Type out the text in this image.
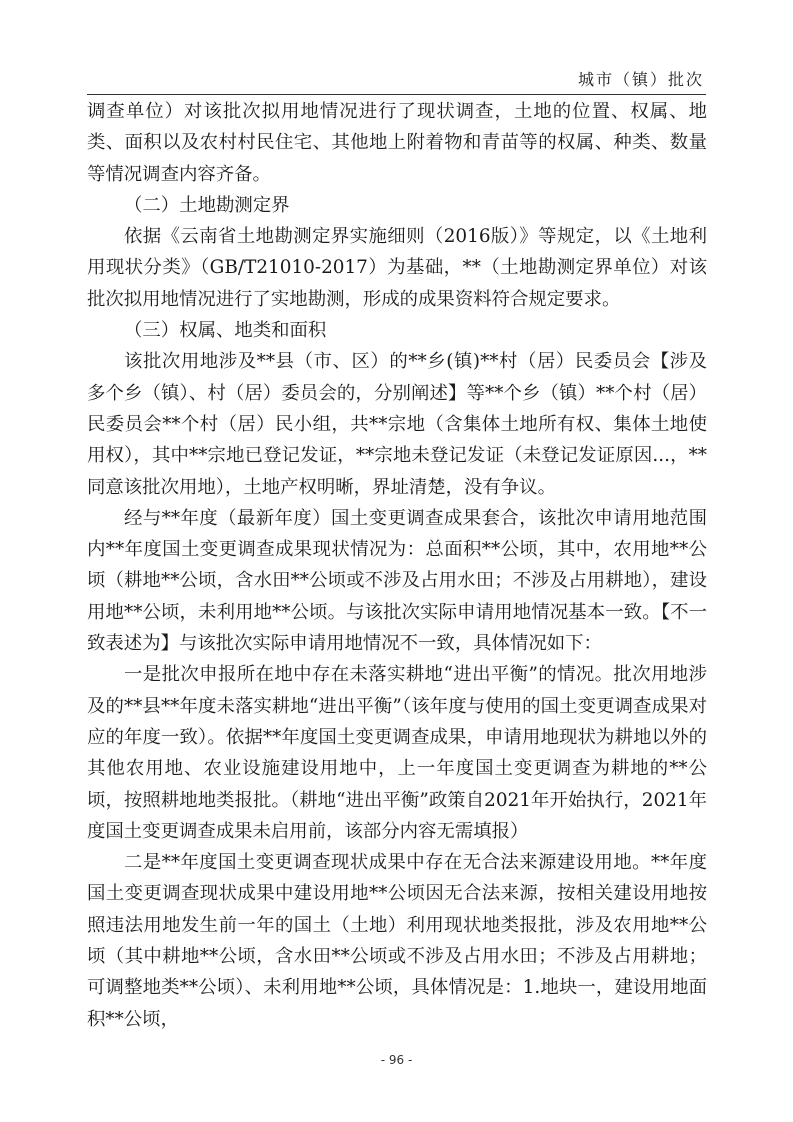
城市（镇）批次

调查单位）对该批次拟用地情况进行了现状调查，土地的位置、权属、地类、面积以及农村村民住宅、其他地上附着物和青苗等的权属、种类、数量等情况调查内容齐备。

（二）土地勘测定界

依据《云南省土地勘测定界实施细则（2016版）》等规定，以《土地利用现状分类》（GB/T21010-2017）为基础，**（土地勘测定界单位）对该批次拟用地情况进行了实地勘测，形成的成果资料符合规定要求。

（三）权属、地类和面积

该批次用地涉及**县（市、区）的**乡(镇)**村（居）民委员会【涉及多个乡（镇）、村（居）委员会的，分别阐述】等**个乡（镇）**个村（居）民委员会**个村（居）民小组，共**宗地（含集体土地所有权、集体土地使用权），其中**宗地已登记发证，**宗地未登记发证（未登记发证原因...，**同意该批次用地），土地产权明晰，界址清楚，没有争议。

经与**年度（最新年度）国土变更调查成果套合，该批次申请用地范围内**年度国土变更调查成果现状情况为：总面积**公顷，其中，农用地**公顷（耕地**公顷，含水田**公顷或不涉及占用水田；不涉及占用耕地），建设用地**公顷，未利用地**公顷。与该批次实际申请用地情况基本一致。【不一致表述为】与该批次实际申请用地情况不一致，具体情况如下：

一是批次申报所在地中存在未落实耕地“进出平衡”的情况。批次用地涉及的**县**年度未落实耕地“进出平衡”（该年度与使用的国土变更调查成果对应的年度一致）。依据**年度国土变更调查成果，申请用地现状为耕地以外的其他农用地、农业设施建设用地中，上一年度国土变更调查为耕地的**公顷，按照耕地地类报批。（耕地“进出平衡”政策自2021年开始执行，2021年度国土变更调查成果未启用前，该部分内容无需填报）

二是**年度国土变更调查现状成果中存在无合法来源建设用地。**年度国土变更调查现状成果中建设用地**公顷因无合法来源，按相关建设用地按照违法用地发生前一年的国土（土地）利用现状地类报批，涉及农用地**公顷（其中耕地**公顷，含水田**公顷或不涉及占用水田；不涉及占用耕地；可调整地类**公顷）、未利用地**公顷，具体情况是：1.地块一，建设用地面积**公顷，

- 96 -
